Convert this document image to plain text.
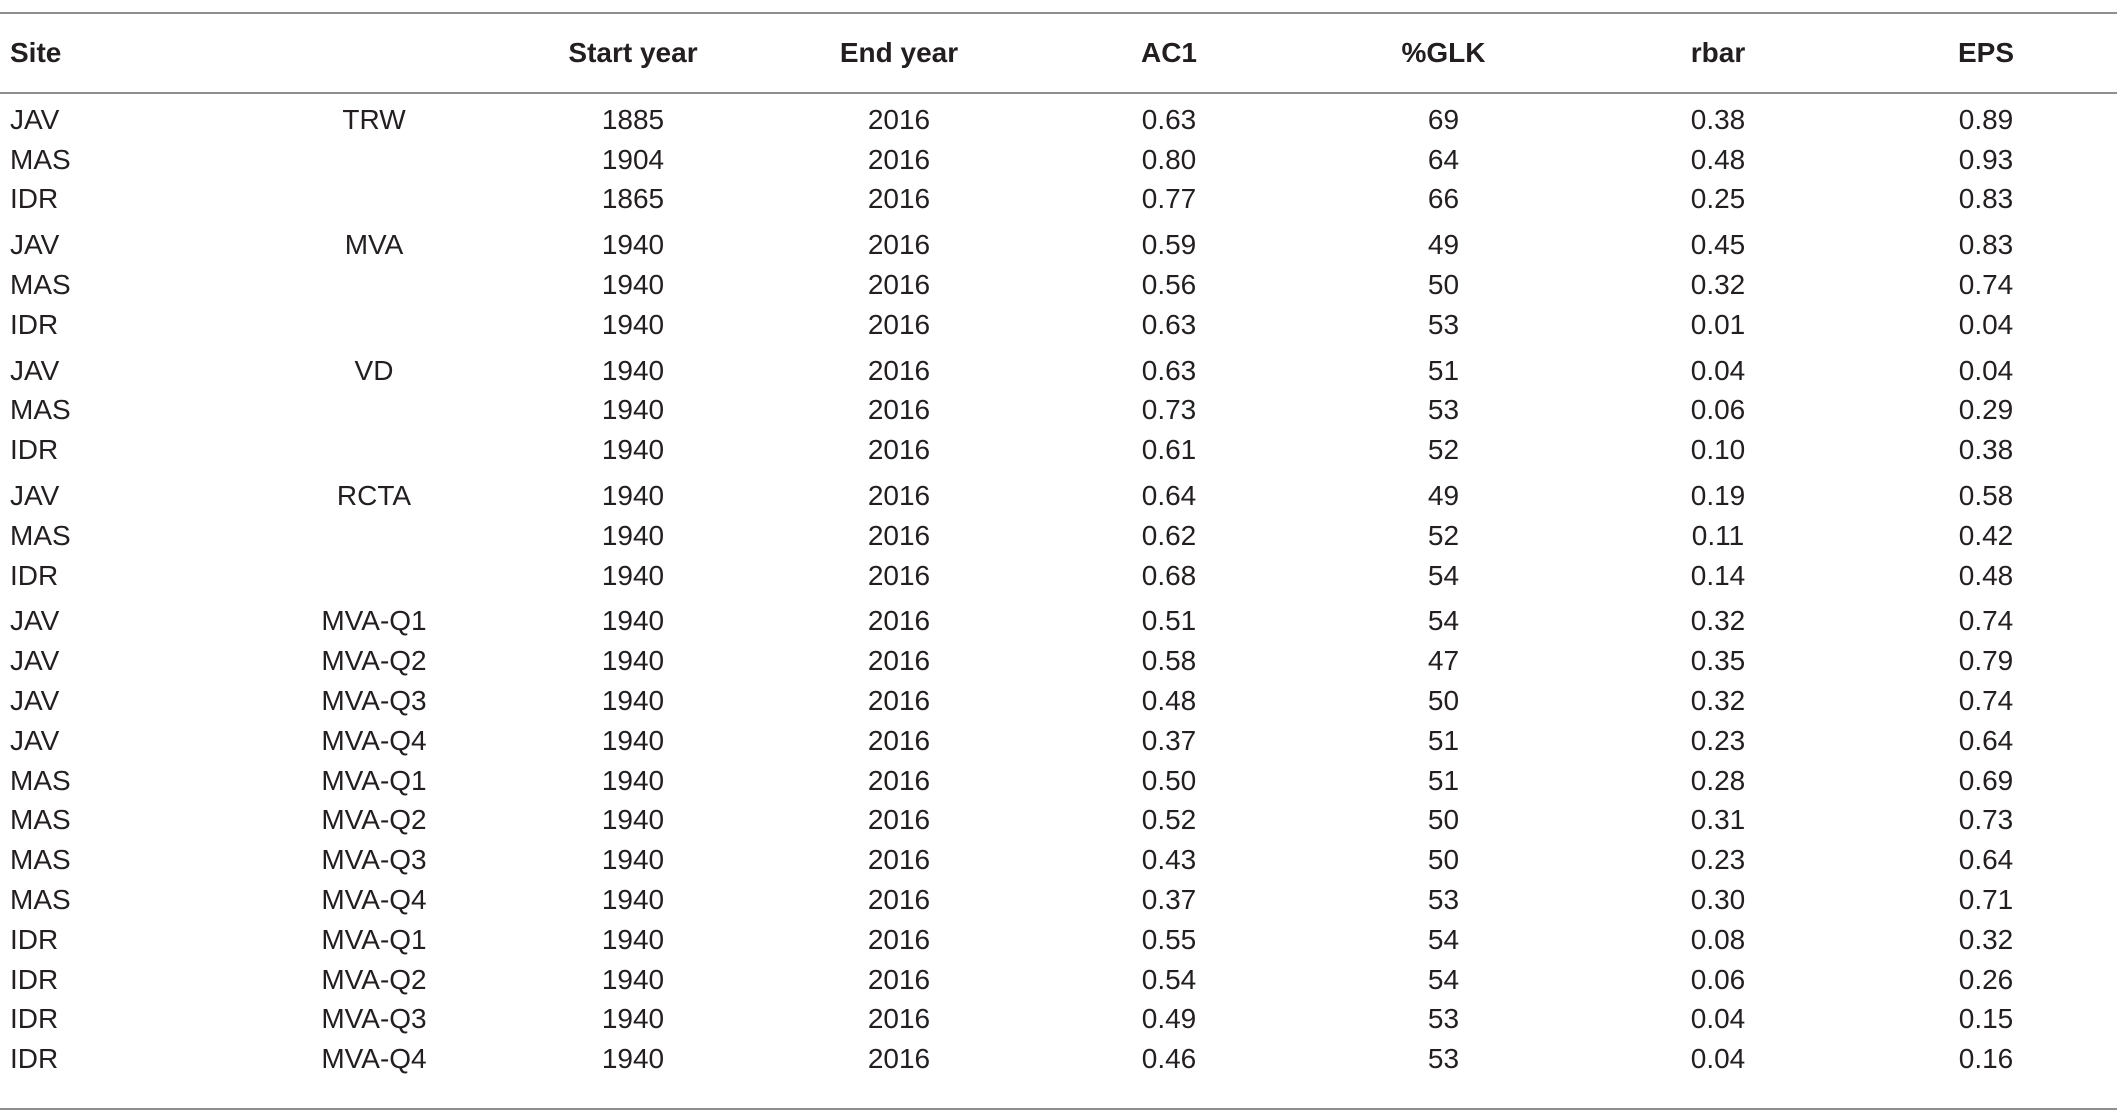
Site		Start year	End year	AC1	%GLK	rbar	EPS
JAV	TRW	1885	2016	0.63	69	0.38	0.89
MAS		1904	2016	0.80	64	0.48	0.93
IDR		1865	2016	0.77	66	0.25	0.83
JAV	MVA	1940	2016	0.59	49	0.45	0.83
MAS		1940	2016	0.56	50	0.32	0.74
IDR		1940	2016	0.63	53	0.01	0.04
JAV	VD	1940	2016	0.63	51	0.04	0.04
MAS		1940	2016	0.73	53	0.06	0.29
IDR		1940	2016	0.61	52	0.10	0.38
JAV	RCTA	1940	2016	0.64	49	0.19	0.58
MAS		1940	2016	0.62	52	0.11	0.42
IDR		1940	2016	0.68	54	0.14	0.48
JAV	MVA-Q1	1940	2016	0.51	54	0.32	0.74
JAV	MVA-Q2	1940	2016	0.58	47	0.35	0.79
JAV	MVA-Q3	1940	2016	0.48	50	0.32	0.74
JAV	MVA-Q4	1940	2016	0.37	51	0.23	0.64
MAS	MVA-Q1	1940	2016	0.50	51	0.28	0.69
MAS	MVA-Q2	1940	2016	0.52	50	0.31	0.73
MAS	MVA-Q3	1940	2016	0.43	50	0.23	0.64
MAS	MVA-Q4	1940	2016	0.37	53	0.30	0.71
IDR	MVA-Q1	1940	2016	0.55	54	0.08	0.32
IDR	MVA-Q2	1940	2016	0.54	54	0.06	0.26
IDR	MVA-Q3	1940	2016	0.49	53	0.04	0.15
IDR	MVA-Q4	1940	2016	0.46	53	0.04	0.16
